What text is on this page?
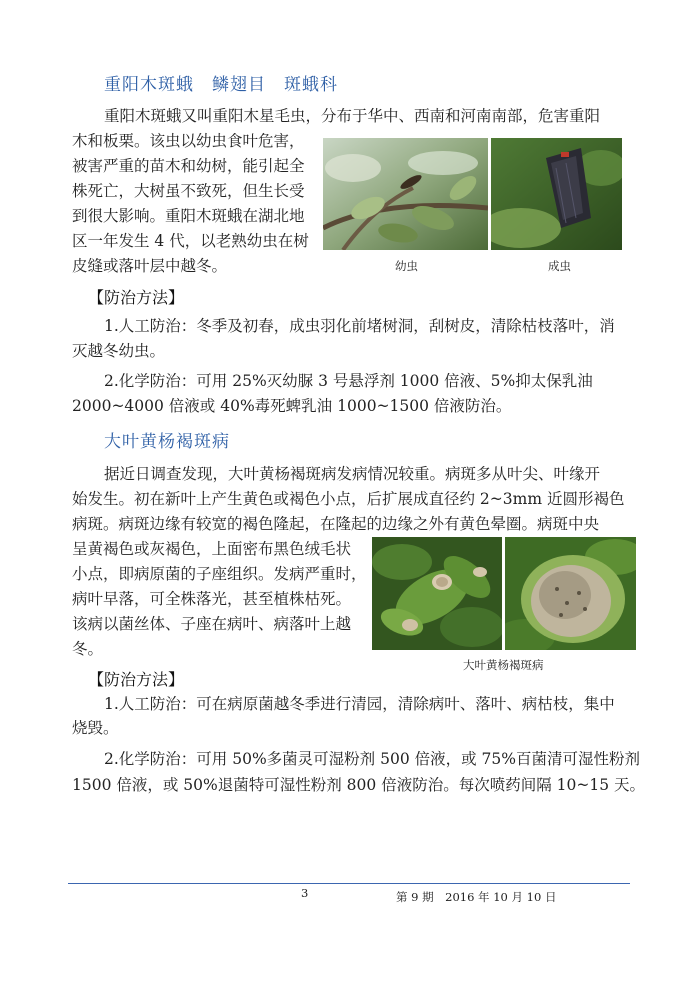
重阳木斑蛾　鳞翅目　斑蛾科
重阳木斑蛾又叫重阳木星毛虫，分布于华中、西南和河南南部，危害重阳
木和板栗。该虫以幼虫食叶危害，
被害严重的苗木和幼树，能引起全
株死亡，大树虽不致死，但生长受
到很大影响。重阳木斑蛾在湖北地
区一年发生 4 代，以老熟幼虫在树
皮缝或落叶层中越冬。	幼虫	成虫
【防治方法】
1.人工防治：冬季及初春，成虫羽化前堵树洞，刮树皮，清除枯枝落叶，消
灭越冬幼虫。
2.化学防治：可用 25%灭幼脲 3 号悬浮剂 1000 倍液、5%抑太保乳油
2000~4000 倍液或 40%毒死蜱乳油 1000~1500 倍液防治。
大叶黄杨褐斑病
据近日调查发现，大叶黄杨褐斑病发病情况较重。病斑多从叶尖、叶缘开
始发生。初在新叶上产生黄色或褐色小点，后扩展成直径约 2~3mm 近圆形褐色
病斑。病斑边缘有较宽的褐色隆起，在隆起的边缘之外有黄色晕圈。病斑中央
呈黄褐色或灰褐色，上面密布黑色绒毛状
小点，即病原菌的子座组织。发病严重时，
病叶早落，可全株落光，甚至植株枯死。
该病以菌丝体、子座在病叶、病落叶上越
冬。
大叶黄杨褐斑病
【防治方法】
1.人工防治：可在病原菌越冬季进行清园，清除病叶、落叶、病枯枝，集中
烧毁。
2.化学防治：可用 50%多菌灵可湿粉剂 500 倍液，或 75%百菌清可湿性粉剂
1500 倍液，或 50%退菌特可湿性粉剂 800 倍液防治。每次喷药间隔 10~15 天。
3	第 9 期　2016 年 10 月 10 日
